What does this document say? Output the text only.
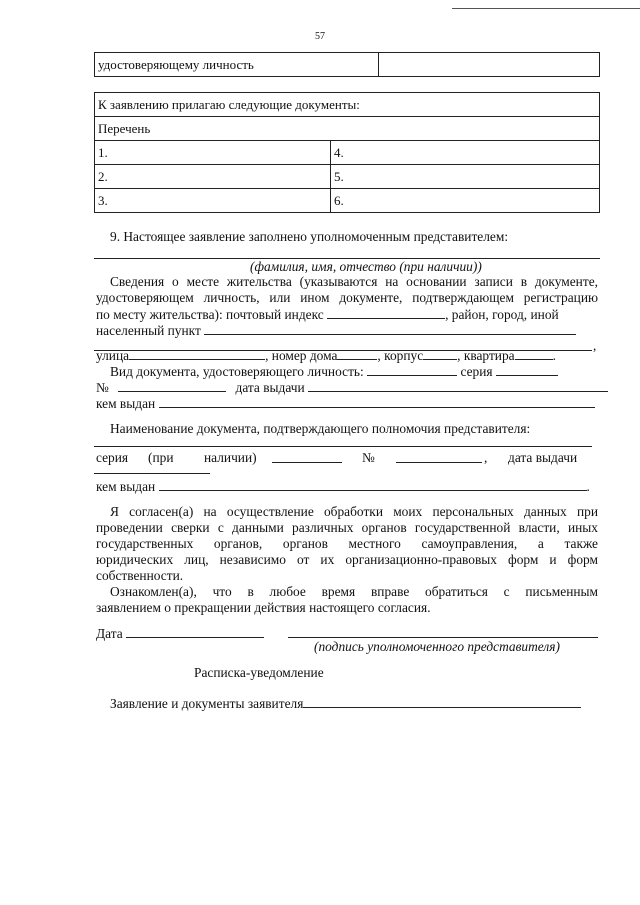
57
удостоверяющему личность	
К заявлению прилагаю следующие документы:	
Перечень	
1.	4.
2.	5.
3.	6.
9. Настоящее заявление заполнено уполномоченным представителем:
(фамилия, имя, отчество (при наличии))
Сведения о месте жительства (указываются на основании записи в документе,
удостоверяющем личность, или ином документе, подтверждающем регистрацию
по месту жительства): почтовый индекс	, район, город, иной
населенный пункт
,
улица	, номер дома	, корпус	, квартира	.
Вид документа, удостоверяющего личность:	серия
№	дата выдачи
кем выдан
Наименование документа, подтверждающего полномочия представителя:
серия (при наличии)	№	, дата выдачи
кем выдан	.
Я согласен(а) на осуществление обработки моих персональных данных при
проведении сверки с данными различных органов государственной власти, иных
государственных органов, органов местного самоуправления, а также
юридических лиц, независимо от их организационно-правовых форм и форм
собственности.
Ознакомлен(а), что в любое время вправе обратиться с письменным
заявлением о прекращении действия настоящего согласия.
Дата
(подпись уполномоченного представителя)
Расписка-уведомление
Заявление и документы заявителя
